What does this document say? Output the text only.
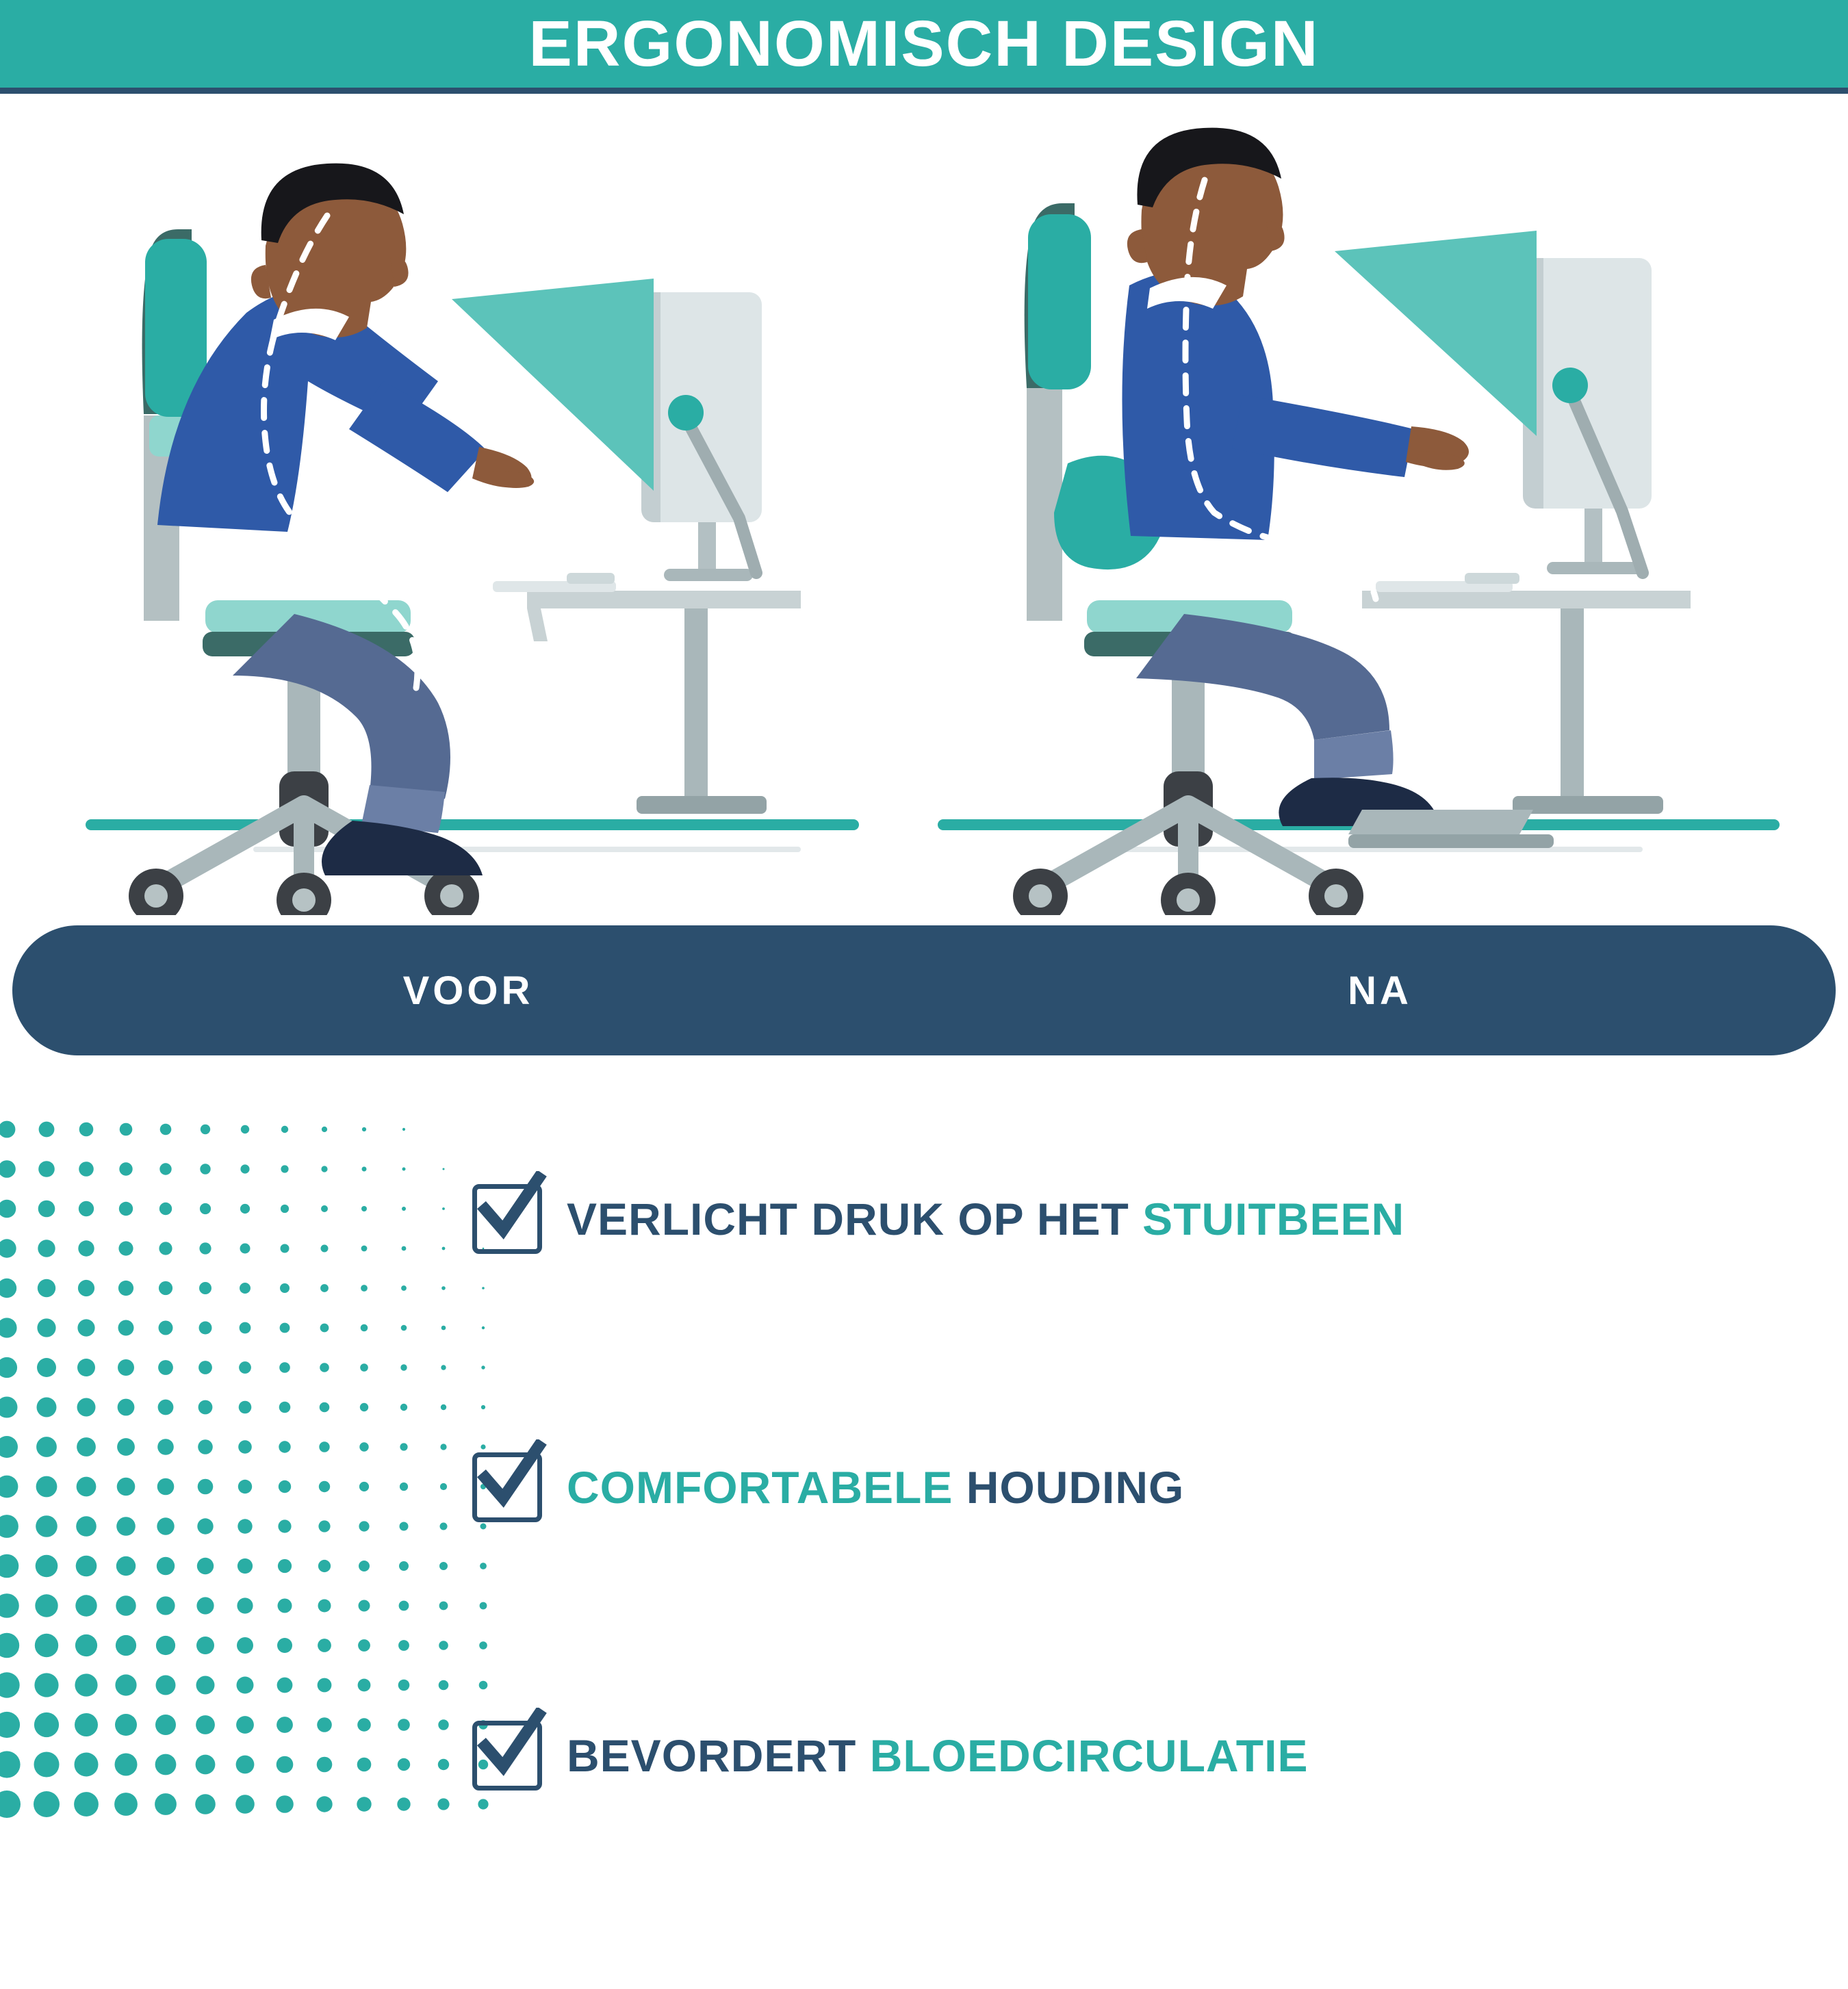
ERGONOMISCH DESIGN
VOOR	NA
VERLICHT DRUK OP HET STUITBEEN
COMFORTABELE HOUDING
BEVORDERT BLOEDCIRCULATIE
